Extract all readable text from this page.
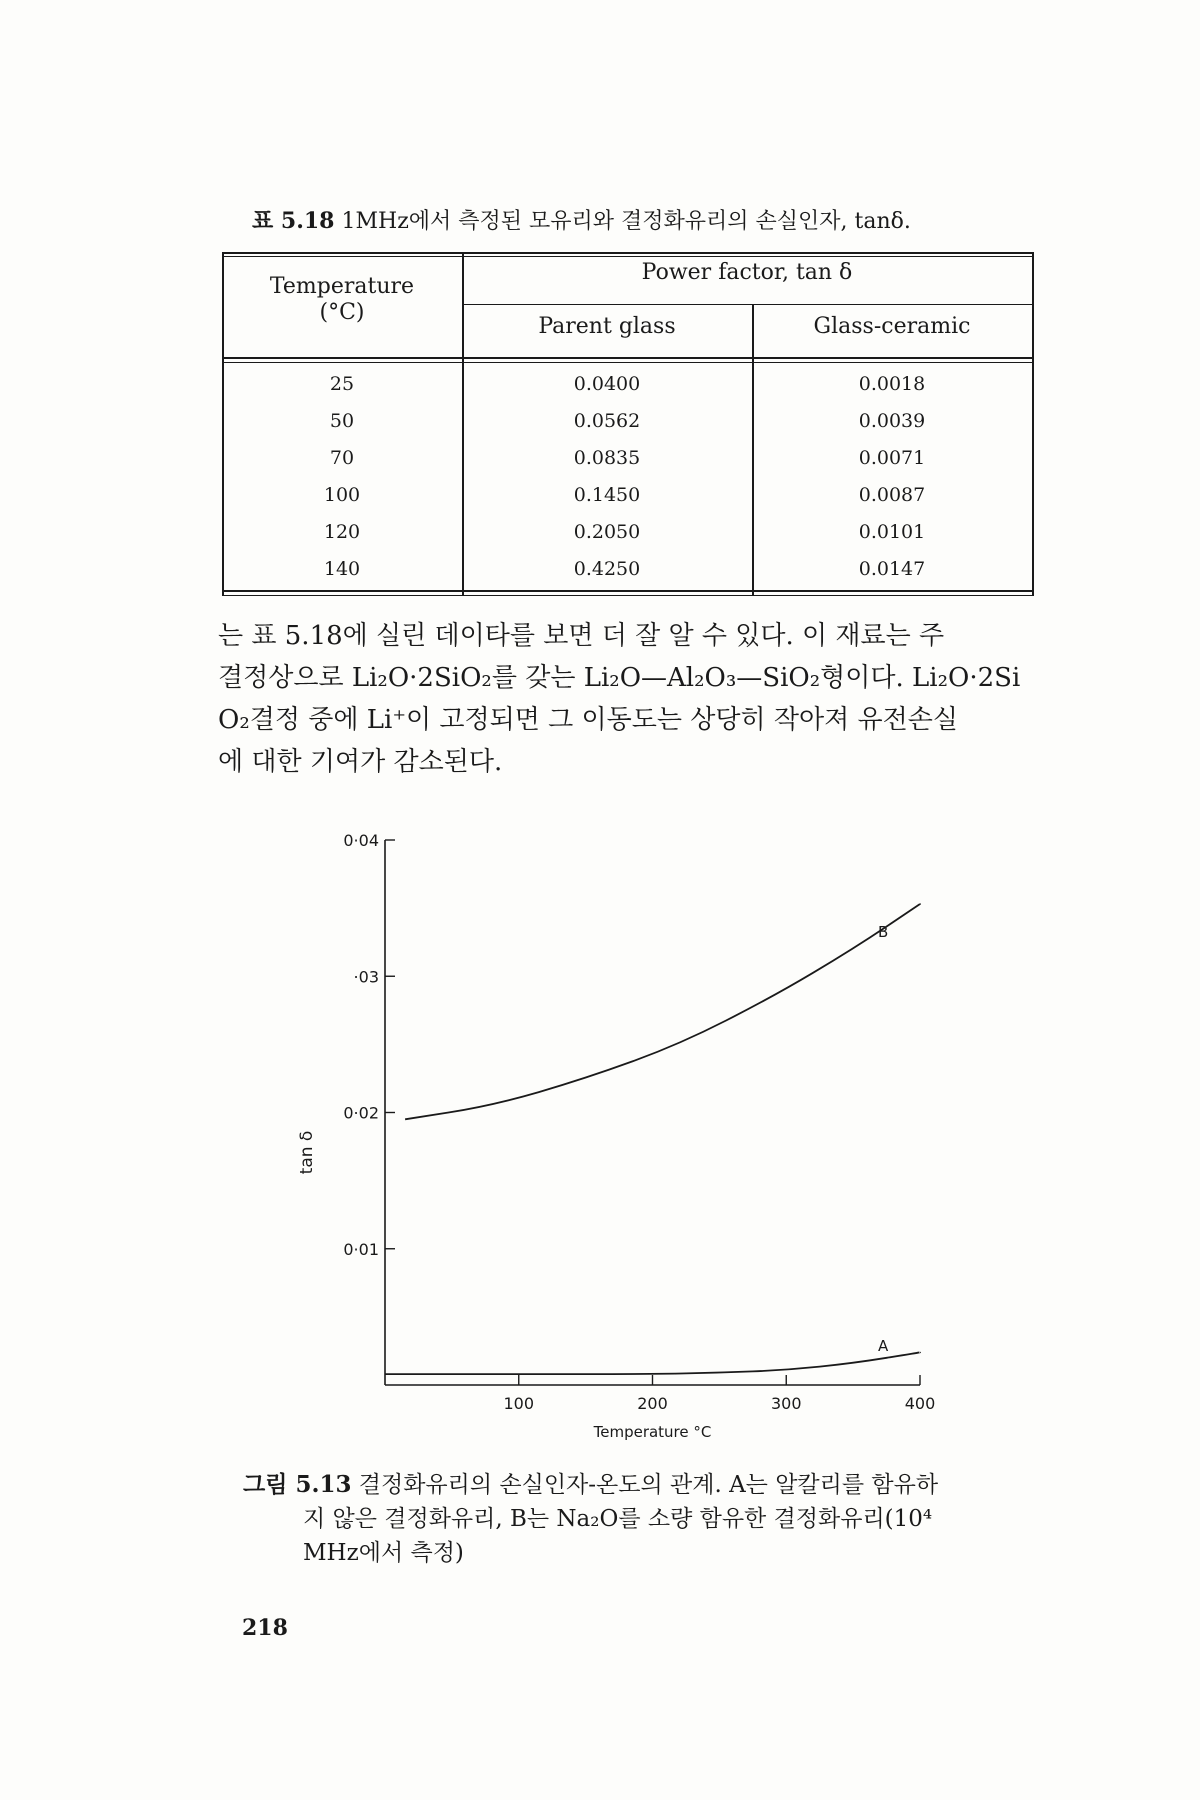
표 5.18 1MHz에서 측정된 모유리와 결정화유리의 손실인자, tanδ.
Temperature
(°C)
Power factor, tan δ
Parent glass	Glass-ceramic
25	0.0400	0.0018
50	0.0562	0.0039
70	0.0835	0.0071
100	0.1450	0.0087
120	0.2050	0.0101
140	0.4250	0.0147

는 표 5.18에 실린 데이타를 보면 더 잘 알 수 있다. 이 재료는 주

결정상으로 Li₂O·2SiO₂를 갖는 Li₂O—Al₂O₃—SiO₂형이다. Li₂O·2Si

O₂결정 중에 Li⁺이 고정되면 그 이동도는 상당히 작아져 유전손실

에 대한 기여가 감소된다.

0·01
0·02
·03
0·04
100	200	300	400
Temperature °C
tan δ
B
A
그림 5.13 결정화유리의 손실인자-온도의 관계. A는 알칼리를 함유하
지 않은 결정화유리, B는 Na₂O를 소량 함유한 결정화유리(10⁴
MHz에서 측정)
218
